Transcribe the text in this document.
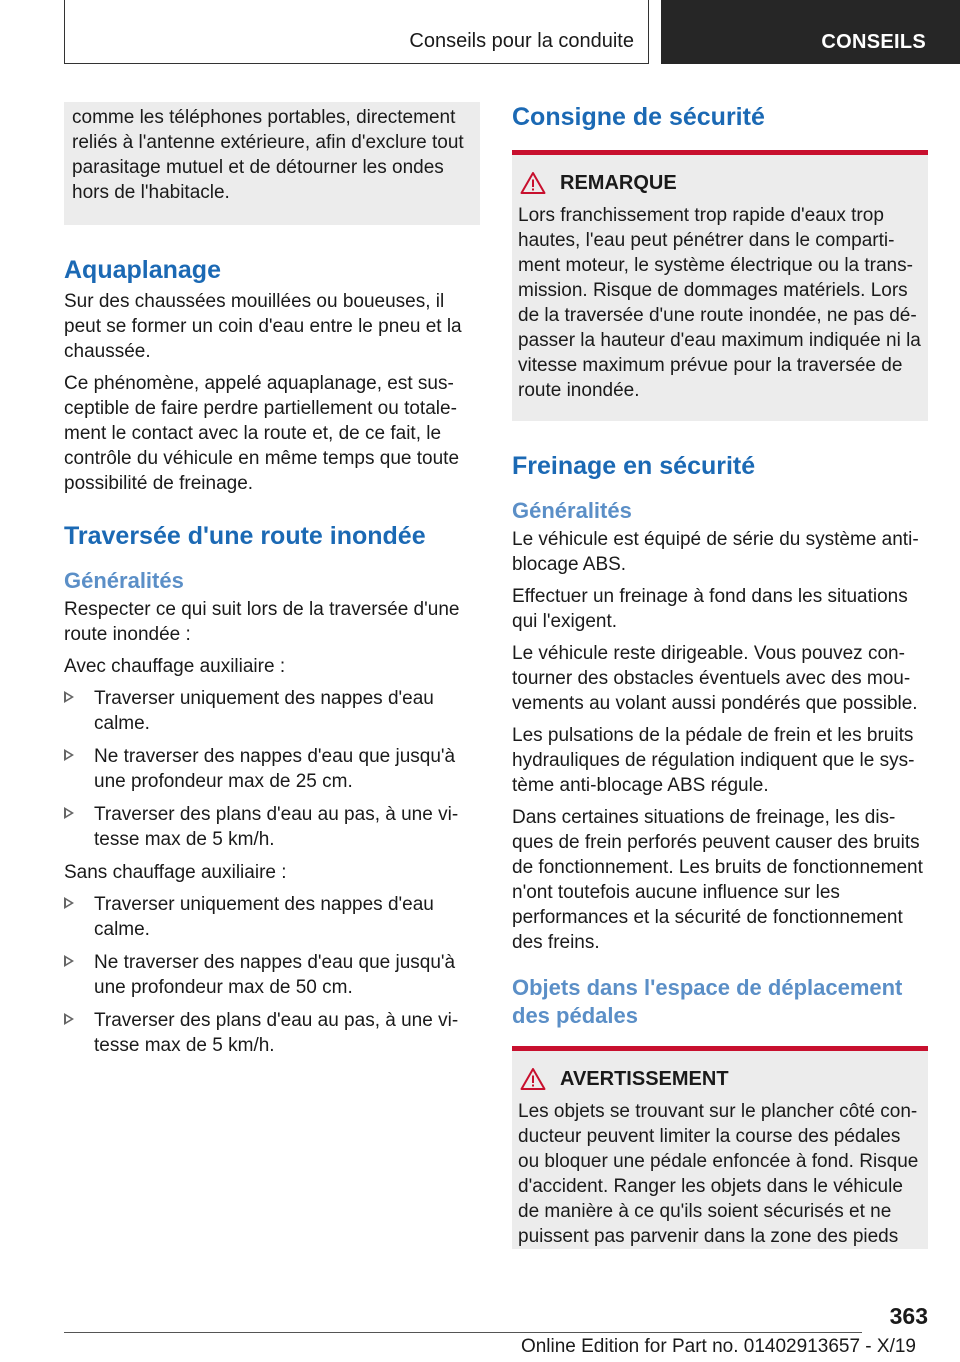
Conseils pour la conduite	CONSEILS

comme les téléphones portables, directement reliés à l'antenne extérieure, afin d'exclure tout parasitage mutuel et de détourner les ondes hors de l'habitacle.

Aquaplanage

Sur des chaussées mouillées ou boueuses, il peut se former un coin d'eau entre le pneu et la chaussée.

Ce phénomène, appelé aquaplanage, est susceptible de faire perdre partiellement ou totalement le contact avec la route et, de ce fait, le contrôle du véhicule en même temps que toute possibilité de freinage.

Traversée d'une route inondée
Généralités

Respecter ce qui suit lors de la traversée d'une route inondée :

Avec chauffage auxiliaire :

Traverser uniquement des nappes d'eau calme.
Ne traverser des nappes d'eau que jusqu'à une profondeur max de 25 cm.
Traverser des plans d'eau au pas, à une vitesse max de 5 km/h.

Sans chauffage auxiliaire :

Traverser uniquement des nappes d'eau calme.
Ne traverser des nappes d'eau que jusqu'à une profondeur max de 50 cm.
Traverser des plans d'eau au pas, à une vitesse max de 5 km/h.
Consigne de sécurité
REMARQUE

Lors franchissement trop rapide d'eaux trop hautes, l'eau peut pénétrer dans le compartiment moteur, le système électrique ou la transmission. Risque de dommages matériels. Lors de la traversée d'une route inondée, ne pas dépasser la hauteur d'eau maximum indiquée ni la vitesse maximum prévue pour la traversée de route inondée.

Freinage en sécurité
Généralités

Le véhicule est équipé de série du système antiblocage ABS.

Effectuer un freinage à fond dans les situations qui l'exigent.

Le véhicule reste dirigeable. Vous pouvez contourner des obstacles éventuels avec des mouvements au volant aussi pondérés que possible.

Les pulsations de la pédale de frein et les bruits hydrauliques de régulation indiquent que le système anti-blocage ABS régule.

Dans certaines situations de freinage, les disques de frein perforés peuvent causer des bruits de fonctionnement. Les bruits de fonctionnement n'ont toutefois aucune influence sur les performances et la sécurité de fonctionnement des freins.

Objets dans l'espace de déplacement des pédales
AVERTISSEMENT

Les objets se trouvant sur le plancher côté conducteur peuvent limiter la course des pédales ou bloquer une pédale enfoncée à fond. Risque d'accident. Ranger les objets dans le véhicule de manière à ce qu'ils soient sécurisés et ne puissent pas parvenir dans la zone des pieds

363
Online Edition for Part no. 01402913657 - X/19
